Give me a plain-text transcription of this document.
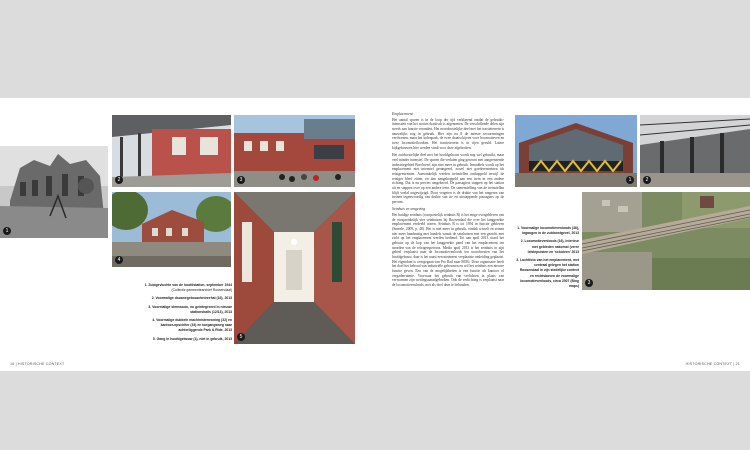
1
2	3
4
5

1. Zuidgevluchte van de hoofdstation, september 1944 (Collectie gemeentearchief Roosendaal)

2. Voormalige douanegebouw/entreehal (16), 2013

3. Voormalige stemwoon, nu geintegreerd in nieuwe stationshalls (12/13), 2013

4. Voormalige dubbele machinisteneoning (32) en kantoor-opschiter (33) en toegangsweg naar achterliggende Park & Ride, 2013

5. Gang in hoofdgebouw (1), niet in gebruik, 2013

16 | HISTORISCHE CONTEXT
Emplacement
Het aantal sporen is in de loop der tijd verklarend omdat de gebruiks-intensiteit van het station drastisch is afgenomen. De verschillende delen zijn steeds aan functie verandert. Het noordoostelijke deel met het tractieterrein is nauwelijks nog in gebruik. Hier zijn nu 8 de meeste sectoremingen verdwenen, maar het kolenpark, de twee draaischijven voor locomotieven en twee locomotiefloodsen. Het tractieterrein is in rijen gevuld. Latere kijkgebouwen hier werden vindt voor deze afgebroken.
Het zuidwestelijke deel met het hoofdgebouw wordt nog wel gebruikt, maar veel minder intensief. De sporen die verlaten ging gewoon met aangrenzende industriegebied Borchwerf zijn niet meer in gebruik. Inmiddels wordt op het emplacement niet intensief gerangeerd, zowel niet goederentreinen als reizigerstreinen. Aanvankelijk werden treinstellen ontkoppeld terwijl de reiziger bleef zitten, en dan aangekoppeld aan een trein in een andere richting. Dat is nu precies omgekeerd. De passagiers stappen op het station uit en stappen over op een andere trein. De samenstelling van de treinstellen blijft veelal ongewijzigd. Door vergeten is de drukte van het rangeren van treinen tegenwoordig van drukte van in- en uitstappende passagiers op de perrons.
Seinhuis en omgeving
Het huidige seinhuis (voorpostelijk seinhuis B) is het enige overgebleven van de oorspronkelijk vier seinhuizen bij Roosendaal die over het langgerekte emplacement verdeeld waren. Seinhuis B is tot 1994 in functie gebleven (Smeele, 2009, p. 48). Het is niet meer in gebruik, eindak wisselt en seinen niet meer handmatig met handels vanuit de seinhuizen met een gezicht met zicht op het emplacement werden bediend. Tot aan april 2013 stond het gebouw op de kop van het langgerekte pand van het emplacement ten noorden van de reizigersperrons. Medio april 2013 is het seinhuis in zijn geheel verplaatst naar de locomotievenloods ten noordwesten van het hoofdgebouw, daar is het naast een nietmeest verplaatste omleiding geplaatst. Het eigendom is overgegaan van Pro Rail naar BOEi. Deze organisatie heeft het doel het behoud van industriële gebouwen en wil het seinhuis een nieuwe functie geven. Een van de mogelijkheden is een functie als kantoor of vergaderruimte. Voorwaar het gebruik van verlichten in plaats van verwarmen zijn wettingsaanafgebroken. Ook de verlichting is verplaatst naar de locomotievenloods, met als doel deze te behouden.
1	2
3

1. Voormalige locomotievenloods (36), ingangen in de zuidoostgevel, 2013

2. Locomotievenloods (16), interieur met gebleden nakomst (verre leistepuisten en 'schuiven' 2013

3. Luchtfoto van het emplacement, met centraal gelegen het station Roosendaal in zijn stedelijke context en rechtsboven de voormalige locomotievenloods, circa 2007 (Bing maps)

HISTORISCHE CONTEXT | 21
